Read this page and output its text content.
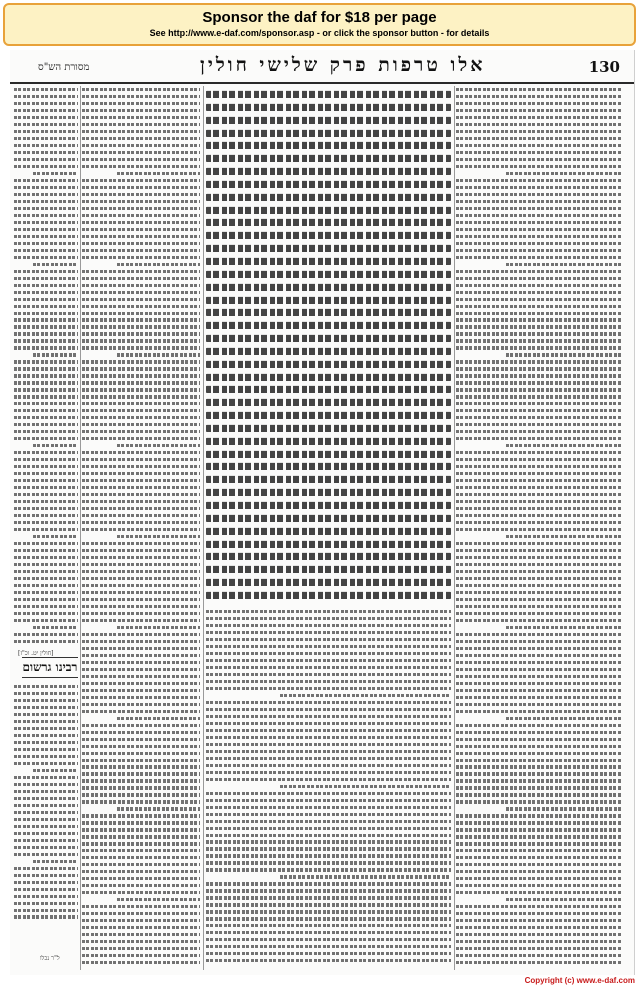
Sponsor the daf for $18 per page
See http://www.e-daf.com/sponsor.asp - or click the sponsor button - for details
130
אלו טרפות פרק שלישי חולין
מסורת הש"ס
רבינו גרשום
[חולין יט. וכ"ז]
ל"ר נכלו
Copyright (c) www.e-daf.com
